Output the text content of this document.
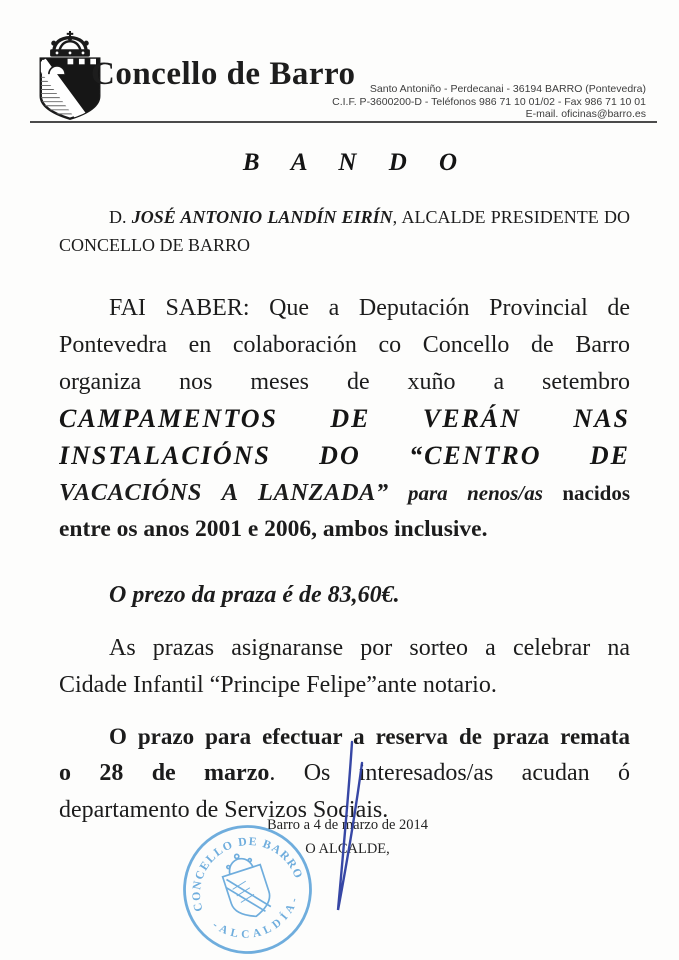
Concello de Barro	Santo Antoniño - Perdecanai - 36194 BARRO (Pontevedra)
C.I.F. P-3600200-D - Teléfonos 986 71 10 01/02 - Fax 986 71 10 01
E-mail. oficinas@barro.es
B A N D O
D. JOSÉ ANTONIO LANDÍN EIRÍN, ALCALDE PRESIDENTE DO
CONCELLO DE BARRO
FAI SABER: Que a Deputación Provincial de
Pontevedra en colaboración co Concello de Barro
organiza nos meses de xuño a setembro
CAMPAMENTOS DE VERÁN NAS
INSTALACIÓNS DO “CENTRO DE
VACACIÓNS A LANZADA” para nenos/as nacidos
entre os anos 2001 e 2006, ambos inclusive.
O prezo da praza é de 83,60€.
As prazas asignaranse por sorteo a celebrar na
Cidade Infantil “Principe Felipe”ante notario.
O prazo para efectuar a reserva de praza remata
o 28 de marzo. Os interesados/as acudan ó
departamento de Servizos Sociais.
Barro a 4 de marzo de 2014
O ALCALDE,
CONCELLO DE BARRO
- A L C A L D Í A -
